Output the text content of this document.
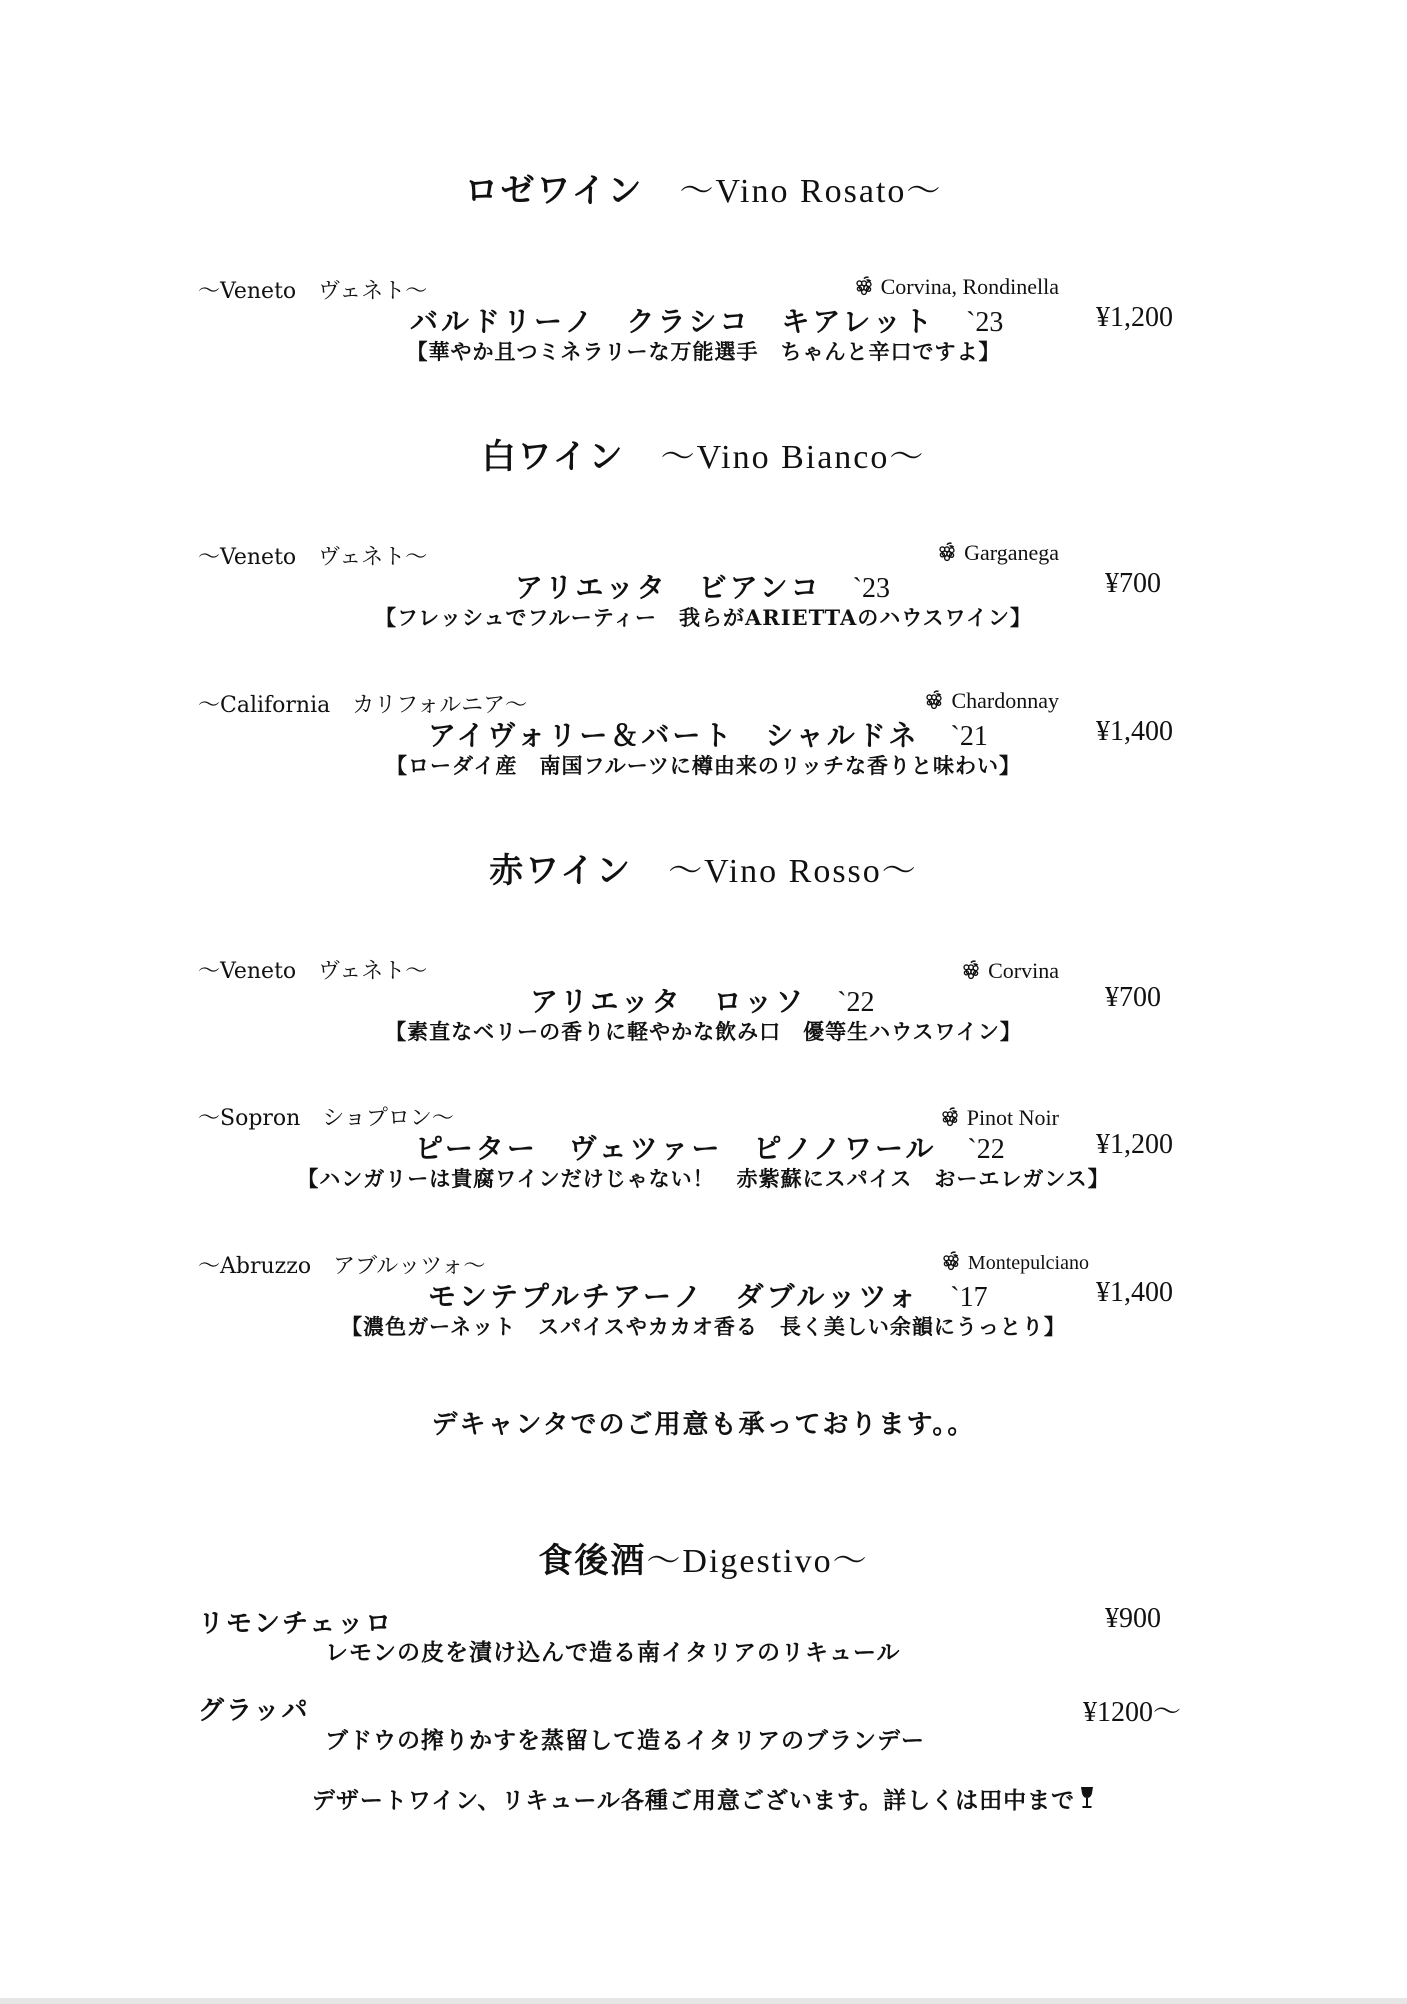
ロゼワイン　 〜Vino Rosato〜
〜Veneto　ヴェネト〜	Corvina, Rondinella
バルドリーノ　クラシコ　キアレット　 `23	¥1,200
【華やか且つミネラリーな万能選手　ちゃんと辛口ですよ】
白ワイン　 〜Vino Bianco〜
〜Veneto　ヴェネト〜	Garganega
アリエッタ　ビアンコ　 `23	¥700
【フレッシュでフルーティー　我らがARIETTAのハウスワイン】
〜California　カリフォルニア〜	Chardonnay
アイヴォリー＆バート　シャルドネ　 `21	¥1,400
【ローダイ産　南国フルーツに樽由来のリッチな香りと味わい】
赤ワイン　 〜Vino Rosso〜
〜Veneto　ヴェネト〜	Corvina
アリエッタ　ロッソ　 `22	¥700
【素直なベリーの香りに軽やかな飲み口　優等生ハウスワイン】
〜Sopron　ショプロン〜	Pinot Noir
ピーター　ヴェツァー　ピノノワール　 `22	¥1,200
【ハンガリーは貴腐ワインだけじゃない！　赤紫蘇にスパイス　おーエレガンス】
〜Abruzzo　アブルッツォ〜	Montepulciano
モンテプルチアーノ　ダブルッツォ　 `17	¥1,400
【濃色ガーネット　スパイスやカカオ香る　長く美しい余韻にうっとり】
デキャンタでのご用意も承っております。。
食後酒〜Digestivo〜
リモンチェッロ	¥900
レモンの皮を漬け込んで造る南イタリアのリキュール
グラッパ	¥1200〜
ブドウの搾りかすを蒸留して造るイタリアのブランデー
デザートワイン、リキュール各種ご用意ございます。詳しくは田中まで
